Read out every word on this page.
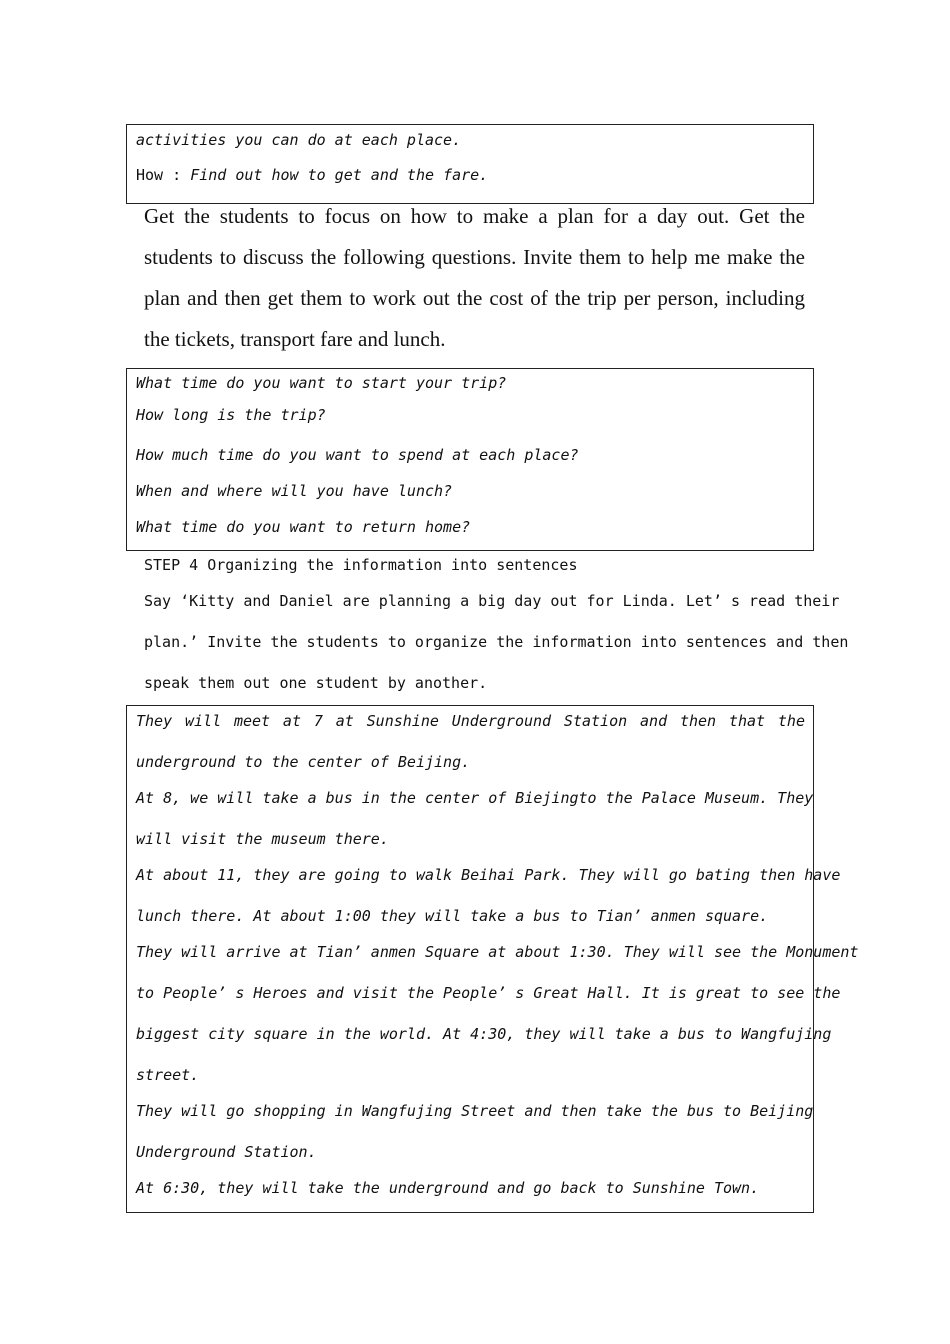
activities you can do at each place.
How : Find out how to get and the fare.
Get the students to focus on how to make a plan for a day out. Get the students to discuss the following questions. Invite them to help me make the plan and then get them to work out the cost of the trip per person, including the tickets, transport fare and lunch.
What time do you want to start your trip?
How long is the trip?
How much time do you want to spend at each place?
When and where will you have lunch?
What time do you want to return home?
STEP 4 Organizing the information into sentences
Say ‘Kitty and Daniel are planning a big day out for Linda. Let’ s read their
plan.’ Invite the students to organize the information into sentences and then
speak them out one student by another.
They will meet at 7 at Sunshine Underground Station and then that the
underground to the center of Beijing.
At 8, we will take a bus in the center of Biejingto the Palace Museum. They
will visit the museum there.
At about 11, they are going to walk Beihai Park. They will go bating then have
lunch there. At about 1:00 they will take a bus to Tian’ anmen square.
They will arrive at Tian’ anmen Square at about 1:30. They will see the Monument
to People’ s Heroes and visit the People’ s Great Hall. It is great to see the
biggest city square in the world. At 4:30, they will take a bus to Wangfujing
street.
They will go shopping in Wangfujing Street and then take the bus to Beijing
Underground Station.
At 6:30, they will take the underground and go back to Sunshine Town.
